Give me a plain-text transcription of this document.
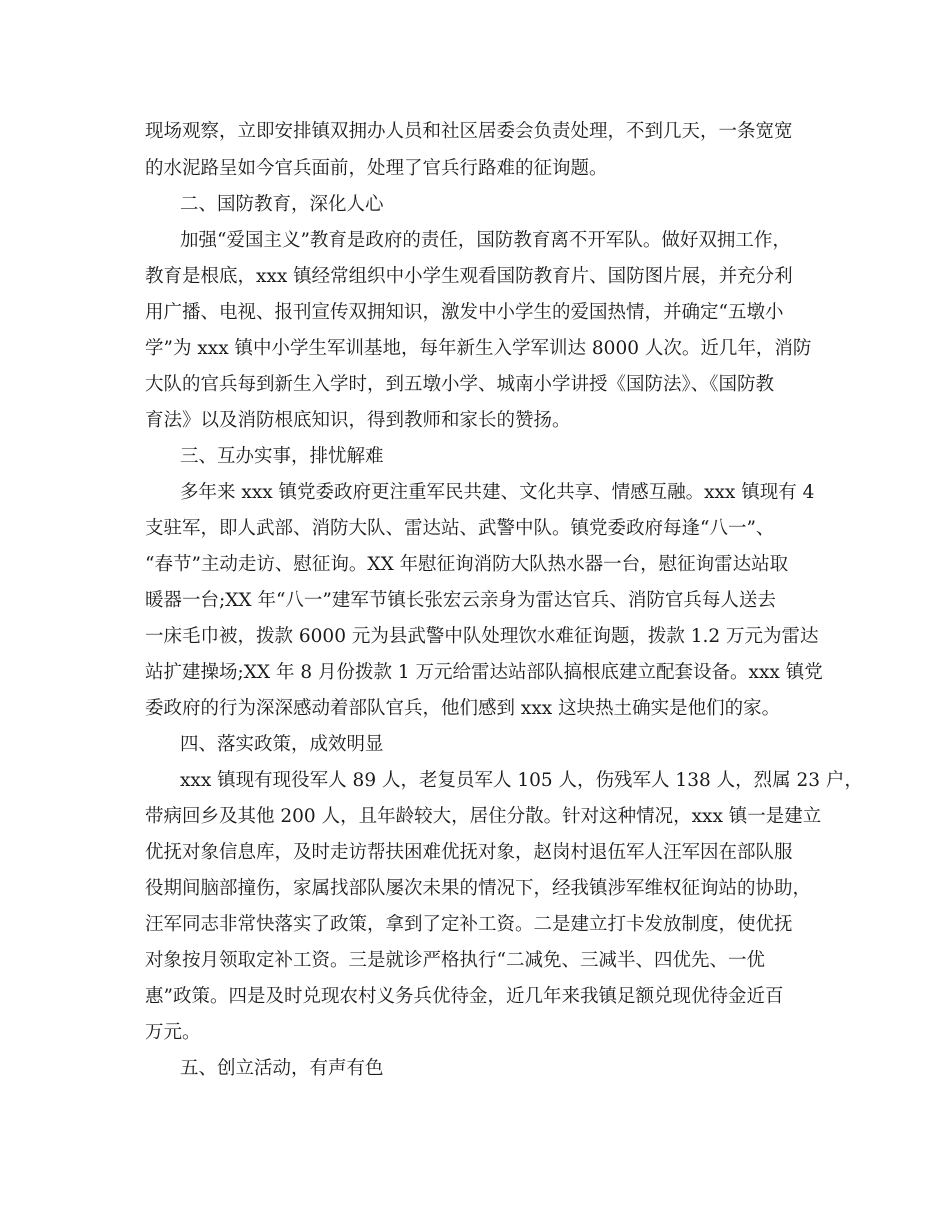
现场观察，立即安排镇双拥办人员和社区居委会负责处理，不到几天，一条宽宽
的水泥路呈如今官兵面前，处理了官兵行路难的征询题。
二、国防教育，深化人心
加强“爱国主义”教育是政府的责任，国防教育离不开军队。做好双拥工作，
教育是根底，xxx 镇经常组织中小学生观看国防教育片、国防图片展，并充分利
用广播、电视、报刊宣传双拥知识，激发中小学生的爱国热情，并确定“五墩小
学”为 xxx 镇中小学生军训基地，每年新生入学军训达 8000 人次。近几年，消防
大队的官兵每到新生入学时，到五墩小学、城南小学讲授《国防法》、《国防教
育法》以及消防根底知识，得到教师和家长的赞扬。
三、互办实事，排忧解难
多年来 xxx 镇党委政府更注重军民共建、文化共享、情感互融。xxx 镇现有 4
支驻军，即人武部、消防大队、雷达站、武警中队。镇党委政府每逢“八一”、
“春节”主动走访、慰征询。XX 年慰征询消防大队热水器一台，慰征询雷达站取
暖器一台;XX 年“八一”建军节镇长张宏云亲身为雷达官兵、消防官兵每人送去
一床毛巾被，拨款 6000 元为县武警中队处理饮水难征询题，拨款 1.2 万元为雷达
站扩建操场;XX 年 8 月份拨款 1 万元给雷达站部队搞根底建立配套设备。xxx 镇党
委政府的行为深深感动着部队官兵，他们感到 xxx 这块热土确实是他们的家。
四、落实政策，成效明显
xxx 镇现有现役军人 89 人，老复员军人 105 人，伤残军人 138 人，烈属 23 户，
带病回乡及其他 200 人，且年龄较大，居住分散。针对这种情况，xxx 镇一是建立
优抚对象信息库，及时走访帮扶困难优抚对象，赵岗村退伍军人汪军因在部队服
役期间脑部撞伤，家属找部队屡次未果的情况下，经我镇涉军维权征询站的协助，
汪军同志非常快落实了政策，拿到了定补工资。二是建立打卡发放制度，使优抚
对象按月领取定补工资。三是就诊严格执行“二减免、三减半、四优先、一优
惠”政策。四是及时兑现农村义务兵优待金，近几年来我镇足额兑现优待金近百
万元。
五、创立活动，有声有色
